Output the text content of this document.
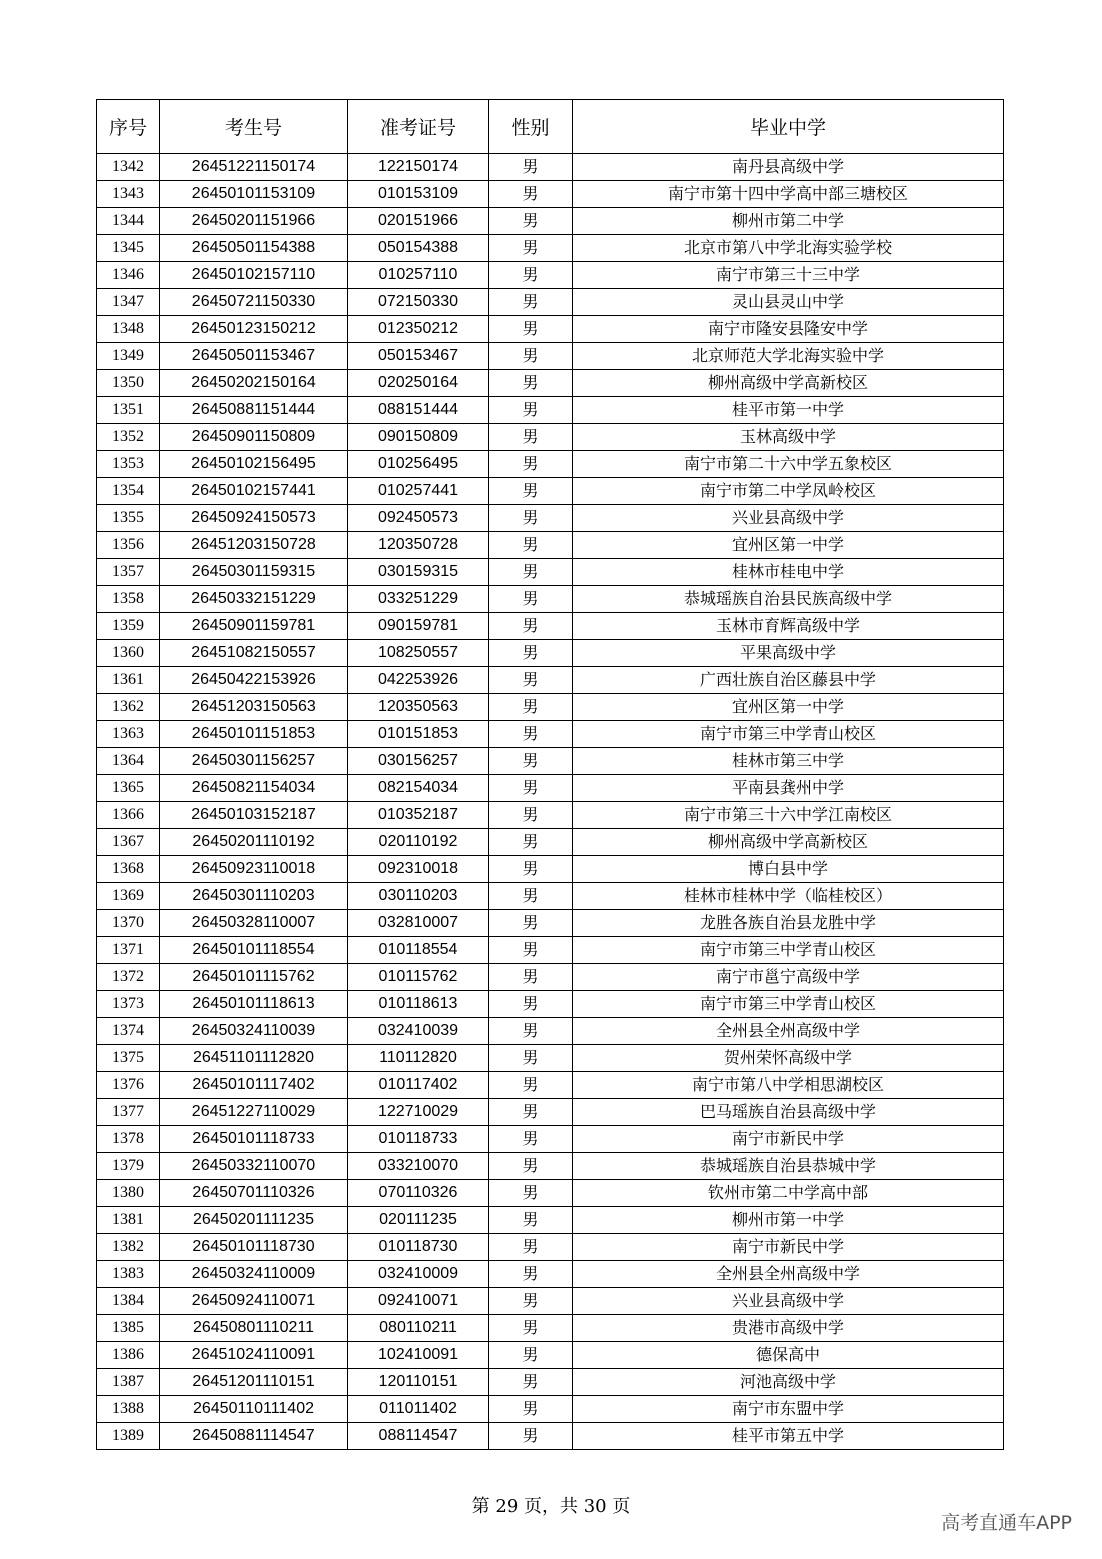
序号	考生号	准考证号	性别	毕业中学
1342	26451221150174	122150174	男	南丹县高级中学
1343	26450101153109	010153109	男	南宁市第十四中学高中部三塘校区
1344	26450201151966	020151966	男	柳州市第二中学
1345	26450501154388	050154388	男	北京市第八中学北海实验学校
1346	26450102157110	010257110	男	南宁市第三十三中学
1347	26450721150330	072150330	男	灵山县灵山中学
1348	26450123150212	012350212	男	南宁市隆安县隆安中学
1349	26450501153467	050153467	男	北京师范大学北海实验中学
1350	26450202150164	020250164	男	柳州高级中学高新校区
1351	26450881151444	088151444	男	桂平市第一中学
1352	26450901150809	090150809	男	玉林高级中学
1353	26450102156495	010256495	男	南宁市第二十六中学五象校区
1354	26450102157441	010257441	男	南宁市第二中学凤岭校区
1355	26450924150573	092450573	男	兴业县高级中学
1356	26451203150728	120350728	男	宜州区第一中学
1357	26450301159315	030159315	男	桂林市桂电中学
1358	26450332151229	033251229	男	恭城瑶族自治县民族高级中学
1359	26450901159781	090159781	男	玉林市育辉高级中学
1360	26451082150557	108250557	男	平果高级中学
1361	26450422153926	042253926	男	广西壮族自治区藤县中学
1362	26451203150563	120350563	男	宜州区第一中学
1363	26450101151853	010151853	男	南宁市第三中学青山校区
1364	26450301156257	030156257	男	桂林市第三中学
1365	26450821154034	082154034	男	平南县龚州中学
1366	26450103152187	010352187	男	南宁市第三十六中学江南校区
1367	26450201110192	020110192	男	柳州高级中学高新校区
1368	26450923110018	092310018	男	博白县中学
1369	26450301110203	030110203	男	桂林市桂林中学（临桂校区）
1370	26450328110007	032810007	男	龙胜各族自治县龙胜中学
1371	26450101118554	010118554	男	南宁市第三中学青山校区
1372	26450101115762	010115762	男	南宁市邕宁高级中学
1373	26450101118613	010118613	男	南宁市第三中学青山校区
1374	26450324110039	032410039	男	全州县全州高级中学
1375	26451101112820	110112820	男	贺州荣怀高级中学
1376	26450101117402	010117402	男	南宁市第八中学相思湖校区
1377	26451227110029	122710029	男	巴马瑶族自治县高级中学
1378	26450101118733	010118733	男	南宁市新民中学
1379	26450332110070	033210070	男	恭城瑶族自治县恭城中学
1380	26450701110326	070110326	男	钦州市第二中学高中部
1381	26450201111235	020111235	男	柳州市第一中学
1382	26450101118730	010118730	男	南宁市新民中学
1383	26450324110009	032410009	男	全州县全州高级中学
1384	26450924110071	092410071	男	兴业县高级中学
1385	26450801110211	080110211	男	贵港市高级中学
1386	26451024110091	102410091	男	德保高中
1387	26451201110151	120110151	男	河池高级中学
1388	26450110111402	011011402	男	南宁市东盟中学
1389	26450881114547	088114547	男	桂平市第五中学
第 29 页，共 30 页
高考直通车APP
